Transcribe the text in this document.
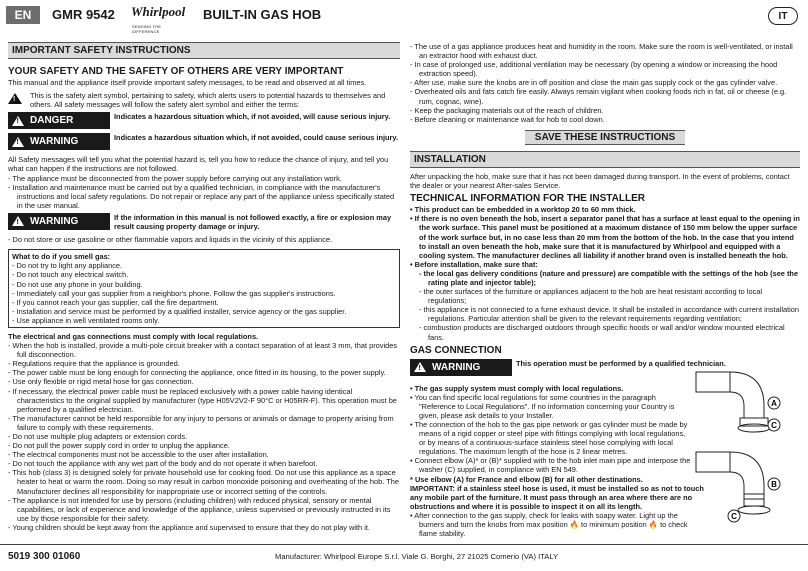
EN	GMR 9542 Whirlpool
SENSING THE DIFFERENCE
BUILT-IN GAS HOB	IT
IMPORTANT SAFETY INSTRUCTIONS
YOUR SAFETY AND THE SAFETY OF OTHERS ARE VERY IMPORTANT

This manual and the appliance itself provide important safety messages, to be read and observed at all times.

!

This is the safety alert symbol, pertaining to safety, which alerts users to potential hazards to themselves and others. All safety messages will follow the safety alert symbol and either the terms:

!
DANGER	Indicates a hazardous situation which, if not avoided, will cause serious injury.

!
WARNING	Indicates a hazardous situation which, if not avoided, could cause serious injury.

All Safety messages will tell you what the potential hazard is, tell you how to reduce the chance of injury, and tell you what can happen if the instructions are not followed.

- The appliance must be disconnected from the power supply before carrying out any installation work.

- Installation and maintenance must be carried out by a qualified technician, in compliance with the manufacturer's instructions and local safety regulations. Do not repair or replace any part of the appliance unless specifically stated in the user manual.

!
WARNING	If the information in this manual is not followed exactly, a fire or explosion may result causing property damage or injury.

- Do not store or use gasoline or other flammable vapors and liquids in the vicinity of this appliance.

What to do if you smell gas:

- Do not try to light any appliance.

- Do not touch any electrical switch.

- Do not use any phone in your building.

- Immediately call your gas supplier from a neighbor's phone. Follow the gas supplier's instructions.

- If you cannot reach your gas supplier, call the fire department.

- Installation and service must be performed by a qualified installer, service agency or the gas supplier.

- Use appliance in well ventilated rooms only.

The electrical and gas connections must comply with local regulations.

- When the hob is installed, provide a multi-pole circuit breaker with a contact separation of at least 3 mm, that provides full disconnection.

- Regulations require that the appliance is grounded.

- The power cable must be long enough for connecting the appliance, once fitted in its housing, to the power supply.

- Use only flexible or rigid metal hose for gas connection.

- If necessary, the electrical power cable must be replaced exclusively with a power cable having identical characteristics to the original supplied by manufacturer (type H05V2V2-F 90°C or H05RR-F). This operation must be performed by a qualified electrician.

- The manufacturer cannot be held responsible for any injury to persons or animals or damage to property arising from failure to comply with these requirements.

- Do not use multiple plug adapters or extension cords.

- Do not pull the power supply cord in order to unplug the appliance.

- The electrical components must not be accessible to the user after installation.

- Do not touch the appliance with any wet part of the body and do not operate it when barefoot.

- This hob (class 3) is designed solely for private household use for cooking food. Do not use this appliance as a space heater to heat or warm the room. Doing so may result in carbon monoxide poisoning and overheating of the hob. The Manufacturer declines all responsibility for inappropriate use or incorrect setting of the controls.

- The appliance is not intended for use by persons (including children) with reduced physical, sensory or mental capabilities, or lack of experience and knowledge of the appliance, unless supervised or previously instructed in its use by those responsible for their safety.

- Young children should be kept away from the appliance and supervised to ensure that they do not play with it.

- The use of a gas appliance produces heat and humidity in the room. Make sure the room is well-ventilated, or install an extractor hood with exhaust duct.

- In case of prolonged use, additional ventilation may be necessary (by opening a window or increasing the hood extraction speed).

- After use, make sure the knobs are in off position and close the main gas supply cock or the gas cylinder valve.

- Overheated oils and fats catch fire easily. Always remain vigilant when cooking foods rich in fat, oil or cheese (e.g. rum, cognac, wine).

- Keep the packaging materials out of the reach of children.

- Before cleaning or maintenance wait for hob to cool down.

SAVE THESE INSTRUCTIONS
INSTALLATION

After unpacking the hob, make sure that it has not been damaged during transport. In the event of problems, contact the dealer or your nearest After-sales Service.

TECHNICAL INFORMATION FOR THE INSTALLER

• This product can be embedded in a worktop 20 to 60 mm thick.

• If there is no oven beneath the hob, insert a separator panel that has a surface at least equal to the opening in the work surface. This panel must be positioned at a maximum distance of 150 mm below the upper surface of the work surface but, in no case less than 20 mm from the bottom of the hob. In the case that you intend to install an oven beneath the hob, make sure that it is manufactured by Whirlpool and equipped with a cooling system. The manufacturer declines all liability if another brand oven is installed beneath the hob.

• Before installation, make sure that:

- the local gas delivery conditions (nature and pressure) are compatible with the settings of the hob (see the rating plate and injector table);

- the outer surfaces of the furniture or appliances adjacent to the hob are heat resistant according to local regulations;

- this appliance is not connected to a fume exhaust device. It shall be installed in accordance with current installation regulations. Particular attention shall be given to the relevant requirements regarding ventilation;

- combustion products are discharged outdoors through specific hoods or wall and/or window mounted electrical fans.

GAS CONNECTION
!
WARNING	This operation must be performed by a qualified technician.

• The gas supply system must comply with local regulations.

• You can find specific local regulations for some countries in the paragraph "Reference to Local Regulations". If no information concerning your Country is given, please ask details to your Installer.

• The connection of the hob to the gas pipe network or gas cylinder must be made by means of a rigid copper or steel pipe with fittings complying with local regulations, or by means of a continuous-surface stainless steel hose complying with local regulations. The maximum length of the hose is 2 linear metres.

• Connect elbow (A)* or (B)* supplied with to the hob inlet main pipe and interpose the washer (C) supplied, in compliance with EN 549.

* Use elbow (A) for France and elbow (B) for all other destinations.

IMPORTANT: if a stainless steel hose is used, it must be installed so as not to touch any mobile part of the furniture. It must pass through an area where there are no obstructions and where it is possible to inspect it on all its length.

• After connection to the gas supply, check for leaks with soapy water. Light up the burners and turn the knobs from max position 🔥 to minimum position 🔥 to check flame stability.

A
C
B
C
5019 300 01060	Manufacturer: Whirlpool Europe S.r.l. Viale G. Borghi, 27 21025 Comerio (VA) ITALY
